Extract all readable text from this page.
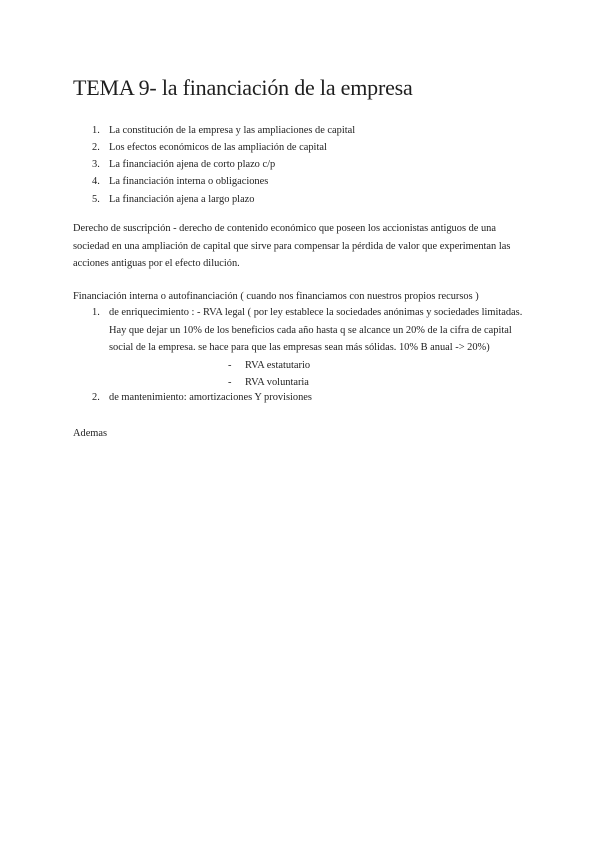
TEMA 9- la financiación de la empresa
1. La constitución de la empresa y las ampliaciones de capital
2. Los efectos económicos de las ampliación de capital
3. La financiación ajena de corto plazo c/p
4. La financiación interna o obligaciones
5. La financiación ajena a largo plazo

Derecho de suscripción - derecho de contenido económico que poseen los accionistas antiguos de una
sociedad en una ampliación de capital que sirve para compensar la pérdida de valor que experimentan las
acciones antiguas por el efecto dilución.

Financiación interna o autofinanciación ( cuando nos financiamos con nuestros propios recursos )

1. de enriquecimiento : - RVA legal ( por ley establece la sociedades anónimas y sociedades limitadas.
Hay que dejar un 10% de los beneficios cada año hasta q se alcance un 20% de la cifra de capital
social de la empresa. se hace para que las empresas sean más sólidas. 10% B anual -> 20%)
-	RVA estatutario
-	RVA voluntaria
2. de mantenimiento: amortizaciones Y provisiones
Ademas
